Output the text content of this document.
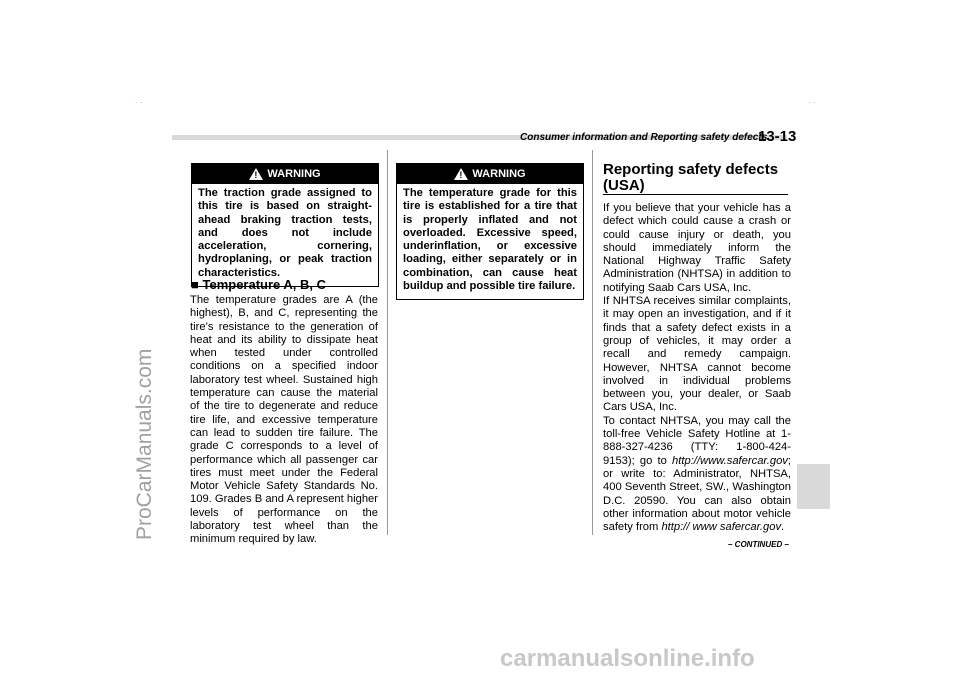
. .	. .
Consumer information and Reporting safety defects
13-13
ProCarManuals.com
! WARNING
The traction grade assigned to this tire is based on straight-ahead braking traction tests, and does not include acceleration, cornering, hydroplaning, or peak traction characteristics.
■ Temperature A, B, C
The temperature grades are A (the highest), B, and C, representing the tire’s resistance to the generation of heat and its ability to dissipate heat when tested under controlled conditions on a specified indoor laboratory test wheel. Sustained high temperature can cause the material of the tire to degenerate and reduce tire life, and excessive temperature can lead to sudden tire failure. The grade C corresponds to a level of performance which all passenger car tires must meet under the Federal Motor Vehicle Safety Standards No. 109. Grades B and A represent higher levels of performance on the laboratory test wheel than the minimum required by law.
! WARNING
The temperature grade for this tire is established for a tire that is properly inflated and not overloaded. Excessive speed, underinflation, or excessive loading, either separately or in combination, can cause heat buildup and possible tire failure.
Reporting safety defects (USA)

If you believe that your vehicle has a defect which could cause a crash or could cause injury or death, you should immediately inform the National Highway Traffic Safety Administration (NHTSA) in addition to notifying Saab Cars USA, Inc.

If NHTSA receives similar complaints, it may open an investigation, and if it finds that a safety defect exists in a group of vehicles, it may order a recall and remedy campaign. However, NHTSA cannot become involved in individual problems between you, your dealer, or Saab Cars USA, Inc.

To contact NHTSA, you may call the toll-free Vehicle Safety Hotline at 1-888-327-4236 (TTY: 1-800-424-9153); go to http://www.safercar.gov; or write to: Administrator, NHTSA, 400 Seventh Street, SW., Washington D.C. 20590. You can also obtain other information about motor vehicle safety from http:// www safercar.gov.

– CONTINUED –
carmanualsonline.info
